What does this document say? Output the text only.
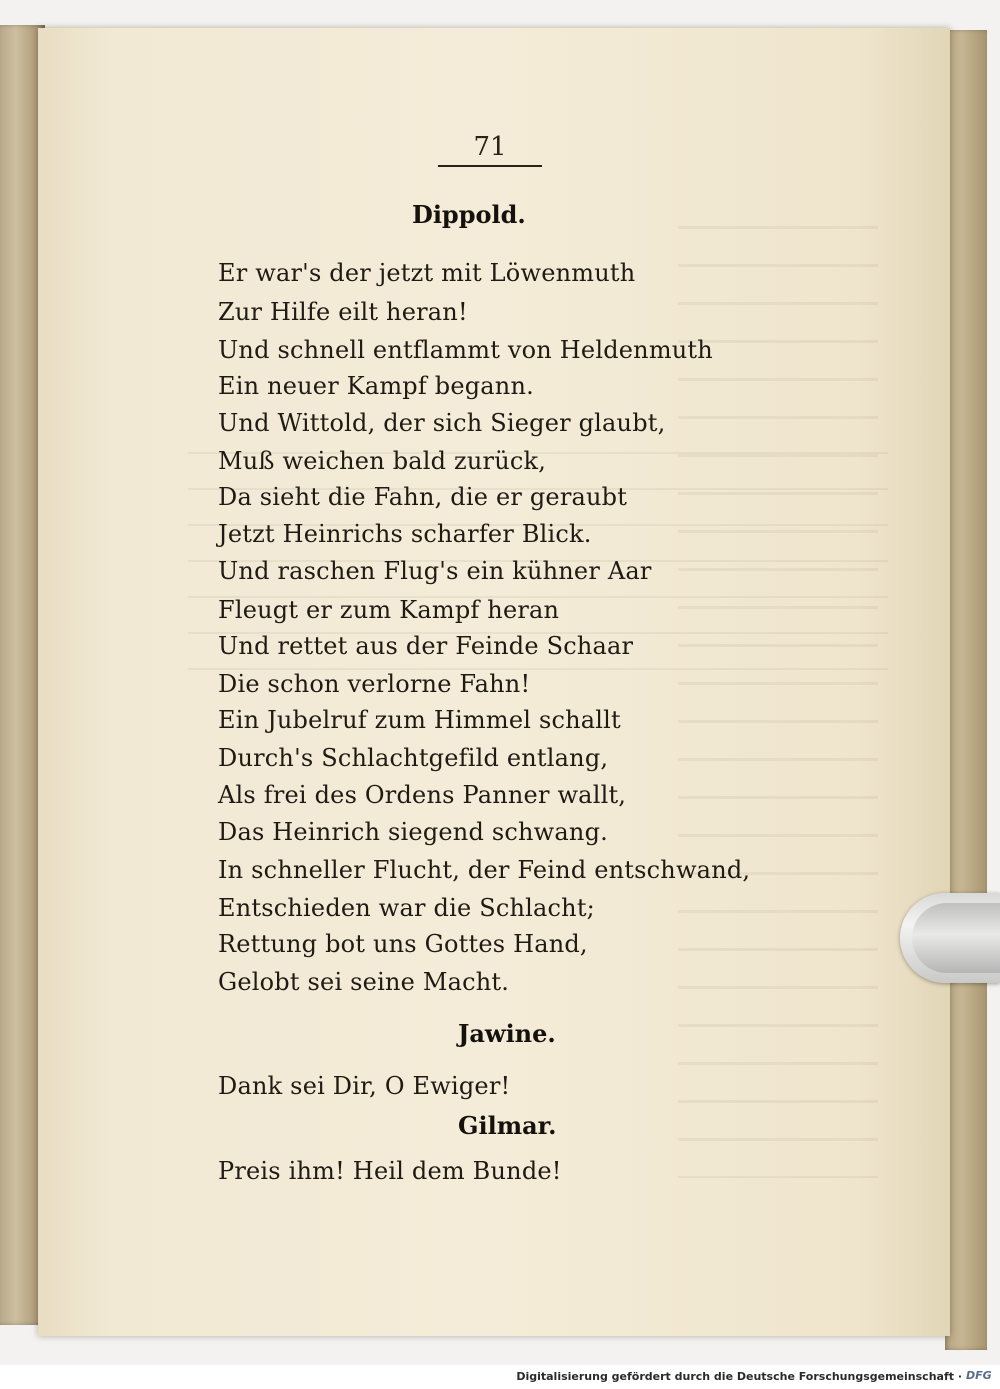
71
Dippold.
Er war's der jetzt mit Löwenmuth
Zur Hilfe eilt heran!
Und schnell entflammt von Heldenmuth
Ein neuer Kampf begann.
Und Wittold, der sich Sieger glaubt,
Muß weichen bald zurück,
Da sieht die Fahn, die er geraubt
Jetzt Heinrichs scharfer Blick.
Und raschen Flug's ein kühner Aar
Fleugt er zum Kampf heran
Und rettet aus der Feinde Schaar
Die schon verlorne Fahn!
Ein Jubelruf zum Himmel schallt
Durch's Schlachtgefild entlang,
Als frei des Ordens Panner wallt,
Das Heinrich siegend schwang.
In schneller Flucht, der Feind entschwand,
Entschieden war die Schlacht;
Rettung bot uns Gottes Hand,
Gelobt sei seine Macht.
Jawine.
Dank sei Dir, O Ewiger!
Gilmar.
Preis ihm! Heil dem Bunde!
Digitalisierung gefördert durch die Deutsche Forschungsgemeinschaft · DFG
